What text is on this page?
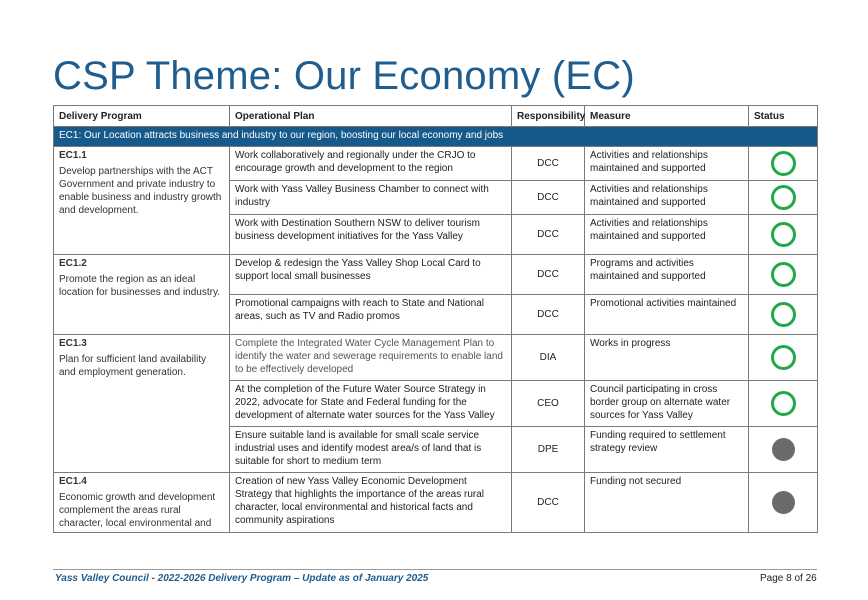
CSP Theme: Our Economy (EC)
Delivery Program	Operational Plan	Responsibility	Measure	Status
EC1: Our Location attracts business and industry to our region, boosting our local economy and jobs				

EC1.1
Develop partnerships with the ACT Government and private industry to enable business and industry growth and development.	Work collaboratively and regionally under the CRJO to encourage growth and development to the region	DCC	Activities and relationships maintained and supported	
	Work with Yass Valley Business Chamber to connect with industry	DCC	Activities and relationships maintained and supported	
	Work with Destination Southern NSW to deliver tourism business development initiatives for the Yass Valley	DCC	Activities and relationships maintained and supported	

EC1.2
Promote the region as an ideal location for businesses and industry.	Develop & redesign the Yass Valley Shop Local Card to support local small businesses	DCC	Programs and activities maintained and supported	
	Promotional campaigns with reach to State and National areas, such as TV and Radio promos	DCC	Promotional activities maintained	

EC1.3
Plan for sufficient land availability and employment generation.	Complete the Integrated Water Cycle Management Plan to identify the water and sewerage requirements to enable land to be effectively developed	DIA	Works in progress	
	At the completion of the Future Water Source Strategy in 2022, advocate for State and Federal funding for the development of alternate water sources for the Yass Valley	CEO	Council participating in cross border group on alternate water sources for Yass Valley	
	Ensure suitable land is available for small scale service industrial uses and identify modest area/s of land that is suitable for short to medium term	DPE	Funding required to settlement strategy review	

EC1.4
Economic growth and development complement the areas rural character, local environmental and	Creation of new Yass Valley Economic Development Strategy that highlights the importance of the areas rural character, local environmental and historical facts and community aspirations	DCC	Funding not secured	
Yass Valley Council - 2022-2026 Delivery Program – Update as of January 2025	Page 8 of 26
